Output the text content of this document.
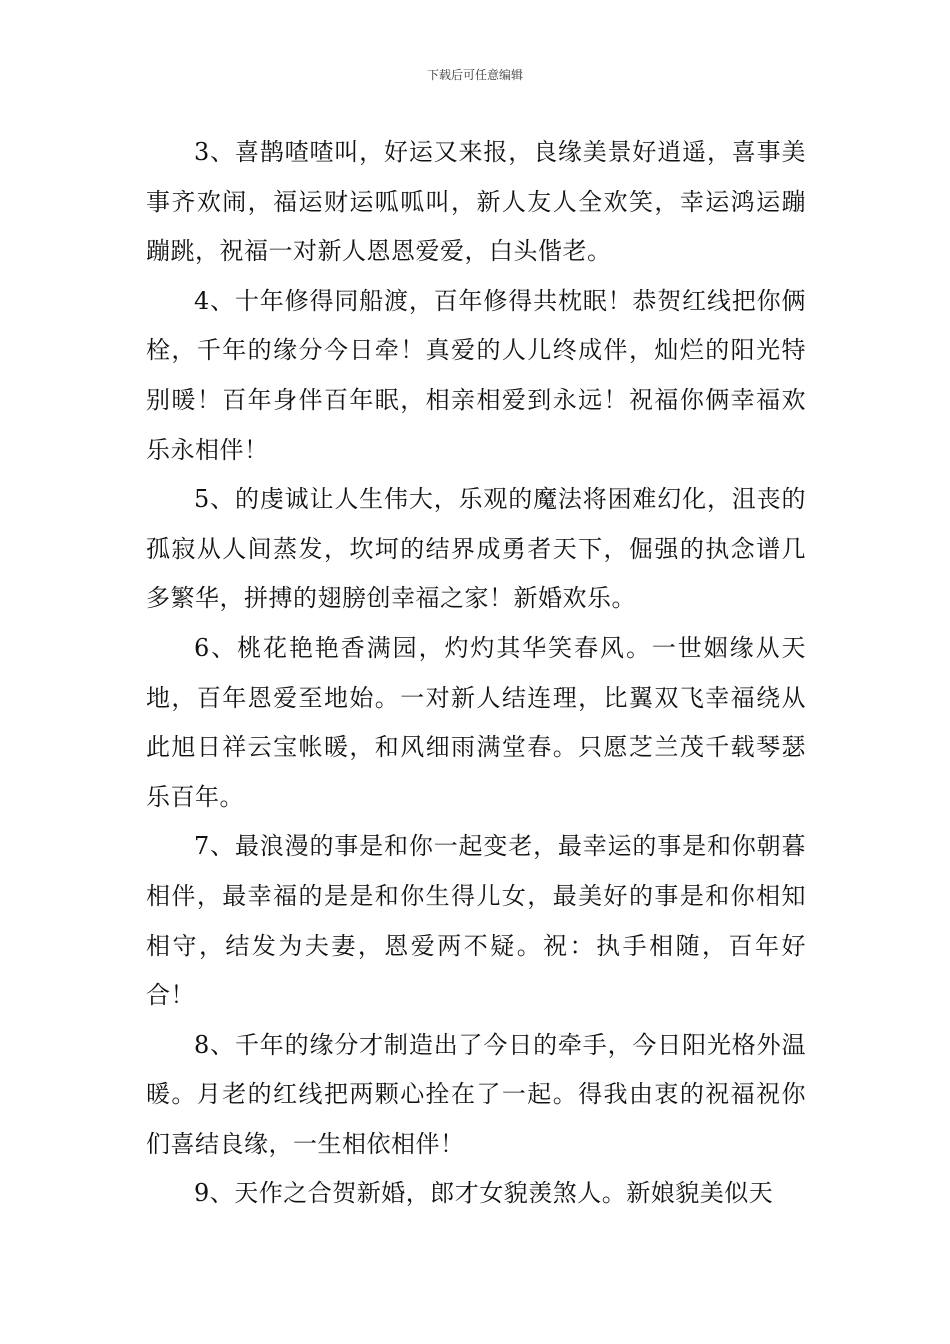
下载后可任意编辑

3、喜鹊喳喳叫，好运又来报，良缘美景好逍遥，喜事美事齐欢闹，福运财运呱呱叫，新人友人全欢笑，幸运鸿运蹦蹦跳，祝福一对新人恩恩爱爱，白头偕老。

4、十年修得同船渡，百年修得共枕眠！恭贺红线把你俩栓，千年的缘分今日牵！真爱的人儿终成伴，灿烂的阳光特别暖！百年身伴百年眠，相亲相爱到永远！祝福你俩幸福欢乐永相伴！

5、的虔诚让人生伟大，乐观的魔法将困难幻化，沮丧的孤寂从人间蒸发，坎坷的结界成勇者天下，倔强的执念谱几多繁华，拼搏的翅膀创幸福之家！新婚欢乐。

6、桃花艳艳香满园，灼灼其华笑春风。一世姻缘从天地，百年恩爱至地始。一对新人结连理，比翼双飞幸福绕从此旭日祥云宝帐暖，和风细雨满堂春。只愿芝兰茂千载琴瑟乐百年。

7、最浪漫的事是和你一起变老，最幸运的事是和你朝暮相伴，最幸福的是是和你生得儿女，最美好的事是和你相知相守，结发为夫妻，恩爱两不疑。祝：执手相随，百年好合！

8、千年的缘分才制造出了今日的牵手，今日阳光格外温暖。月老的红线把两颗心拴在了一起。得我由衷的祝福祝你们喜结良缘，一生相依相伴！

9、天作之合贺新婚，郎才女貌羡煞人。新娘貌美似天
